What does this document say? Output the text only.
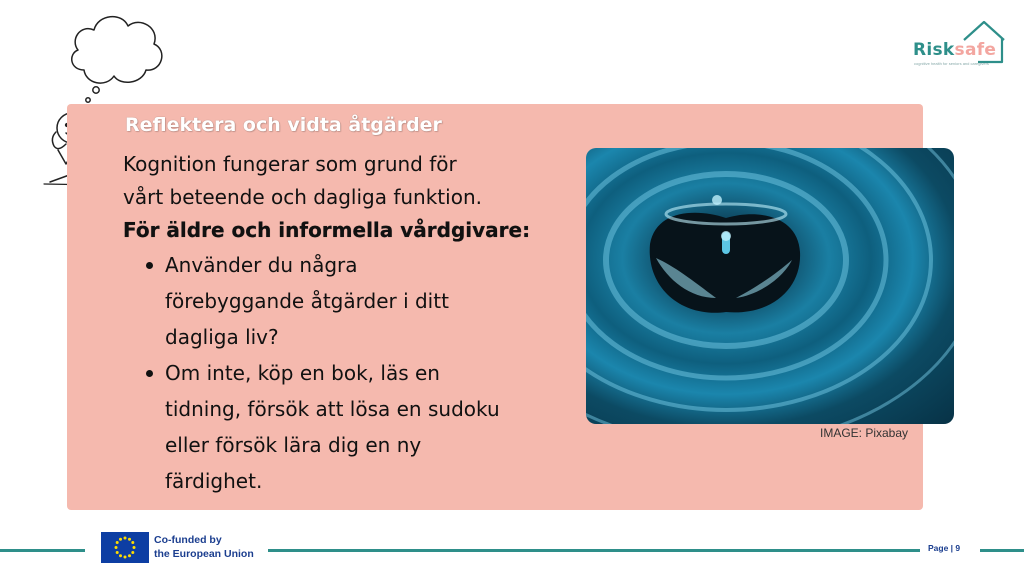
Risksafe
cognitive health for seniors and caregivers
Reflektera och vidta åtgärder
Kognition fungerar som grund för
vårt beteende och dagliga funktion.
För äldre och informella vårdgivare:
Använder du några
förebyggande åtgärder i ditt
dagliga liv?
Om inte, köp en bok, läs en
tidning, försök att lösa en sudoku
eller försök lära dig en ny
färdighet.
IMAGE: Pixabay
Co-funded by
the European Union	Page | 9
